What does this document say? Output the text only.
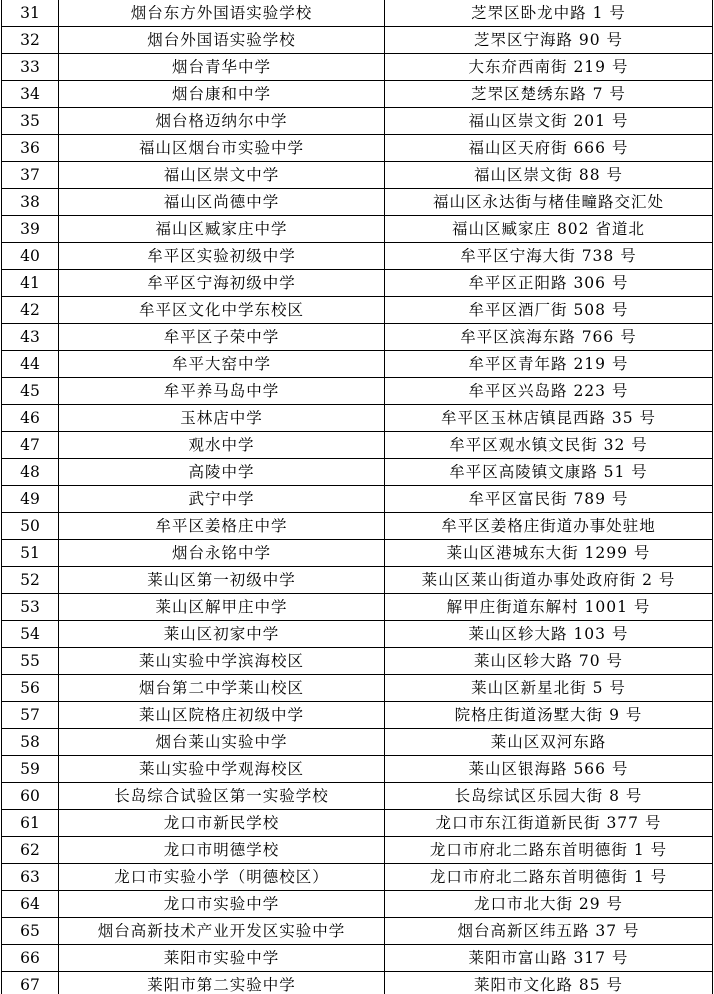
31	烟台东方外国语实验学校	芝罘区卧龙中路 1 号
32	烟台外国语实验学校	芝罘区宁海路 90 号
33	烟台青华中学	大东夼西南街 219 号
34	烟台康和中学	芝罘区楚绣东路 7 号
35	烟台格迈纳尔中学	福山区崇文街 201 号
36	福山区烟台市实验中学	福山区天府街 666 号
37	福山区崇文中学	福山区崇文街 88 号
38	福山区尚德中学	福山区永达街与楮佳疃路交汇处
39	福山区臧家庄中学	福山区臧家庄 802 省道北
40	牟平区实验初级中学	牟平区宁海大街 738 号
41	牟平区宁海初级中学	牟平区正阳路 306 号
42	牟平区文化中学东校区	牟平区酒厂街 508 号
43	牟平区子荣中学	牟平区滨海东路 766 号
44	牟平大窑中学	牟平区青年路 219 号
45	牟平养马岛中学	牟平区兴岛路 223 号
46	玉林店中学	牟平区玉林店镇昆西路 35 号
47	观水中学	牟平区观水镇文民街 32 号
48	高陵中学	牟平区高陵镇文康路 51 号
49	武宁中学	牟平区富民街 789 号
50	牟平区姜格庄中学	牟平区姜格庄街道办事处驻地
51	烟台永铭中学	莱山区港城东大街 1299 号
52	莱山区第一初级中学	莱山区莱山街道办事处政府街 2 号
53	莱山区解甲庄中学	解甲庄街道东解村 1001 号
54	莱山区初家中学	莱山区轸大路 103 号
55	莱山实验中学滨海校区	莱山区轸大路 70 号
56	烟台第二中学莱山校区	莱山区新星北街 5 号
57	莱山区院格庄初级中学	院格庄街道汤墅大街 9 号
58	烟台莱山实验中学	莱山区双河东路
59	莱山实验中学观海校区	莱山区银海路 566 号
60	长岛综合试验区第一实验学校	长岛综试区乐园大街 8 号
61	龙口市新民学校	龙口市东江街道新民街 377 号
62	龙口市明德学校	龙口市府北二路东首明德街 1 号
63	龙口市实验小学（明德校区）	龙口市府北二路东首明德街 1 号
64	龙口市实验中学	龙口市北大街 29 号
65	烟台高新技术产业开发区实验中学	烟台高新区纬五路 37 号
66	莱阳市实验中学	莱阳市富山路 317 号
67	莱阳市第二实验中学	莱阳市文化路 85 号
